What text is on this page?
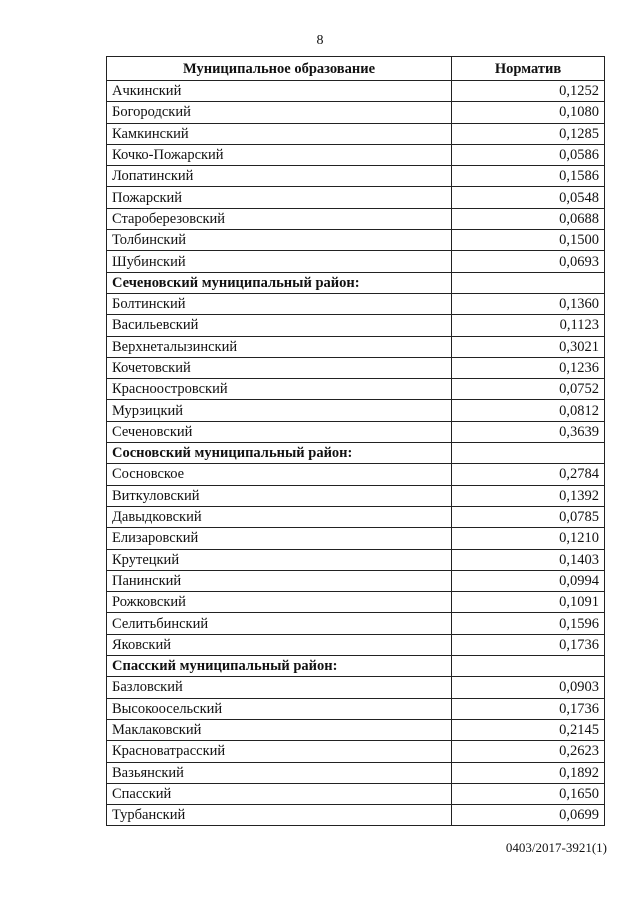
8
Муниципальное образование	Норматив
Ачкинский	0,1252
Богородский	0,1080
Камкинский	0,1285
Кочко-Пожарский	0,0586
Лопатинский	0,1586
Пожарский	0,0548
Староберезовский	0,0688
Толбинский	0,1500
Шубинский	0,0693
Сеченовский муниципальный район:	
Болтинский	0,1360
Васильевский	0,1123
Верхнеталызинский	0,3021
Кочетовский	0,1236
Красноостровский	0,0752
Мурзицкий	0,0812
Сеченовский	0,3639
Сосновский муниципальный район:	
Сосновское	0,2784
Виткуловский	0,1392
Давыдковский	0,0785
Елизаровский	0,1210
Крутецкий	0,1403
Панинский	0,0994
Рожковский	0,1091
Селитьбинский	0,1596
Яковский	0,1736
Спасский муниципальный район:	
Базловский	0,0903
Высокоосельский	0,1736
Маклаковский	0,2145
Красноватрасский	0,2623
Вазьянский	0,1892
Спасский	0,1650
Турбанский	0,0699
0403/2017-3921(1)
